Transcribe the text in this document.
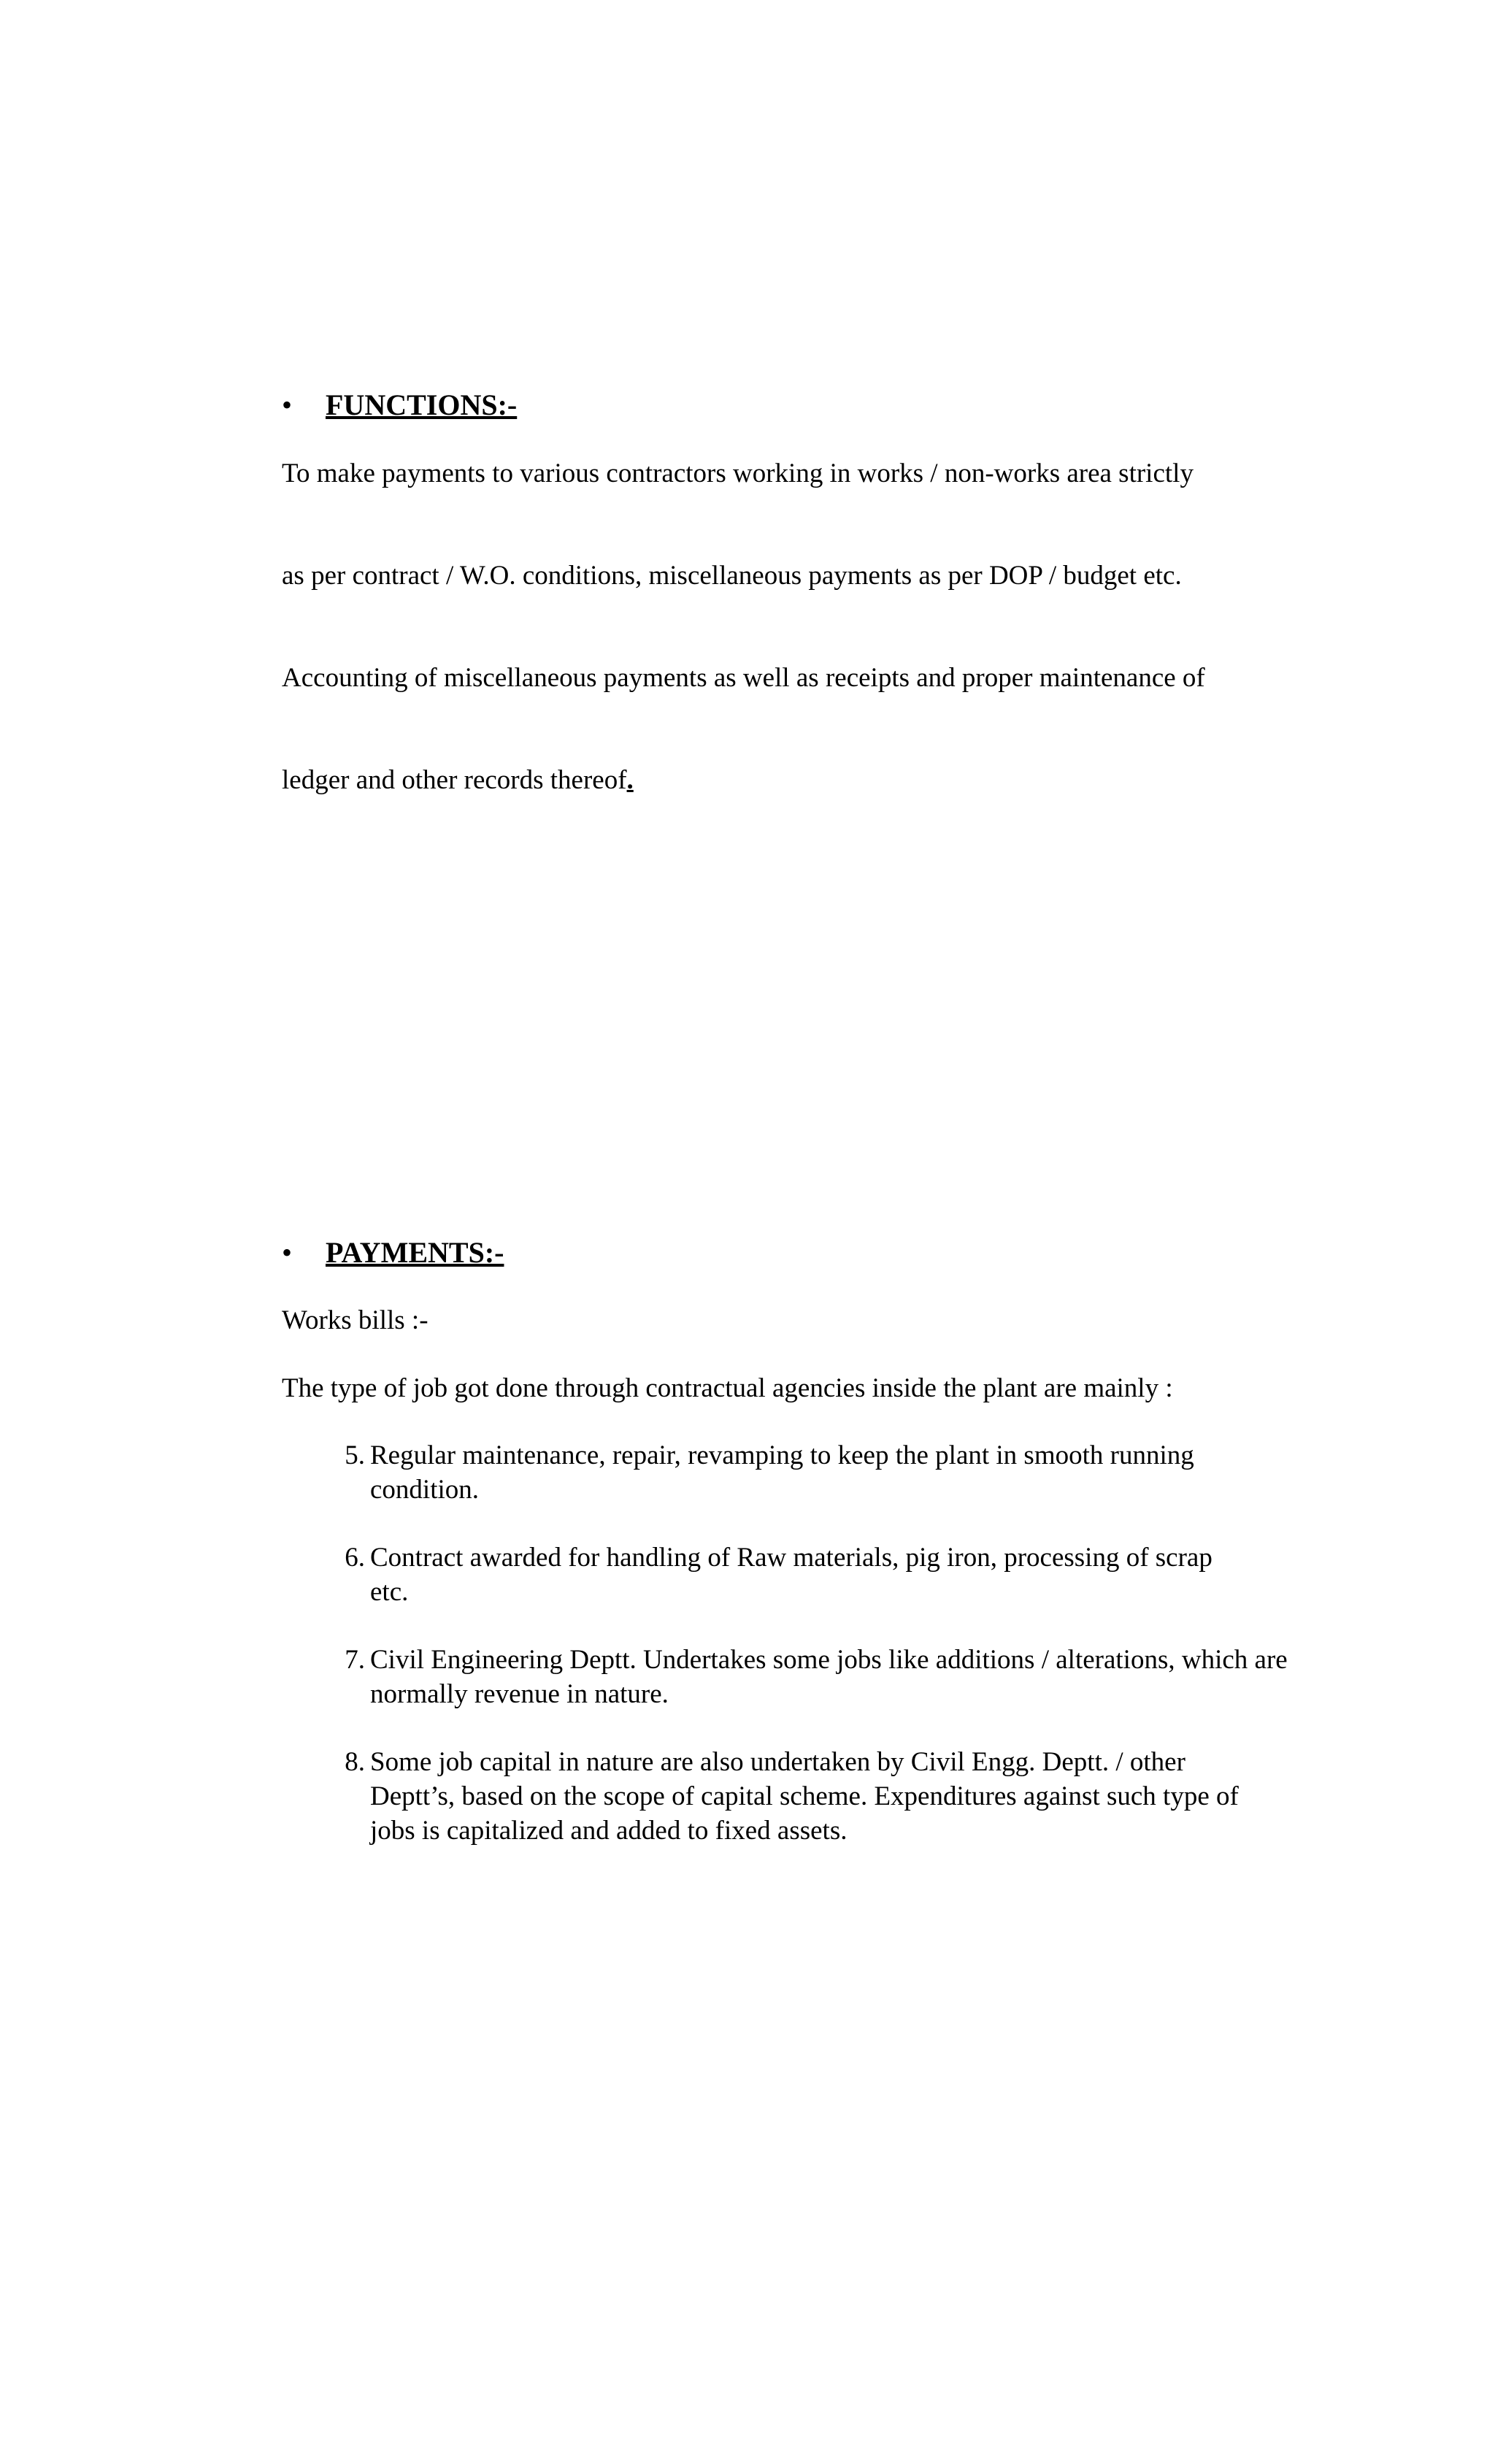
• FUNCTIONS:-

To make payments to various contractors working in works / non-works area strictly

as per contract / W.O. conditions, miscellaneous payments as per DOP / budget etc.

Accounting of miscellaneous payments as well as receipts and proper maintenance of

ledger and other records thereof.

• PAYMENTS:-

Works bills :-

The type of job got done through contractual agencies inside the plant are mainly :

5. Regular maintenance, repair, revamping to keep the plant in smooth running condition.
6. Contract awarded for handling of Raw materials, pig iron, processing of scrap etc.
7. Civil Engineering Deptt. Undertakes some jobs like additions / alterations, which are normally revenue in nature.
8. Some job capital in nature are also undertaken by Civil Engg. Deptt. / other Deptt’s, based on the scope of capital scheme. Expenditures against such type of jobs is capitalized and added to fixed assets.
